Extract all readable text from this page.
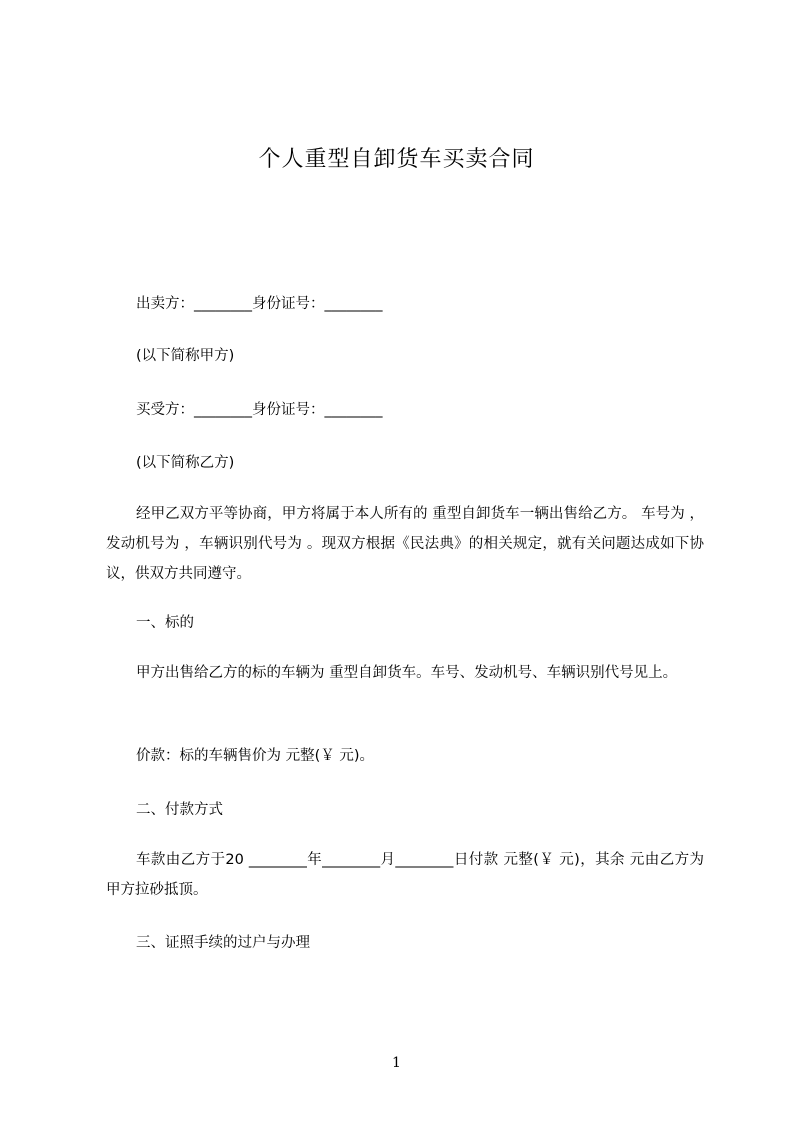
个人重型自卸货车买卖合同
出卖方：________身份证号：________
(以下简称甲方)
买受方：________身份证号：________
(以下简称乙方)
经甲乙双方平等协商，甲方将属于本人所有的 重型自卸货车一辆出售给乙方。 车号为 ，发动机号为 ，车辆识别代号为 。现双方根据《民法典》的相关规定，就有关问题达成如下协议，供双方共同遵守。
一、标的
甲方出售给乙方的标的车辆为 重型自卸货车。车号、发动机号、车辆识别代号见上。
价款：标的车辆售价为 元整(￥ 元)。
二、付款方式
车款由乙方于20 ________年________月________日付款 元整(￥ 元)，其余 元由乙方为甲方拉砂抵顶。
三、证照手续的过户与办理
1
